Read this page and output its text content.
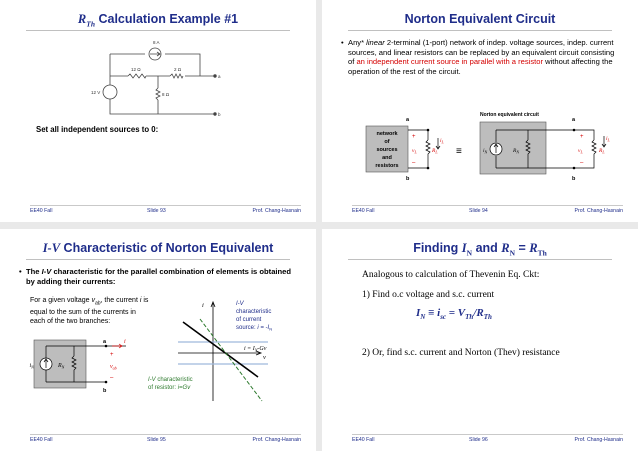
$R_{Th}$ Calculation Example #1
8 A
12 Ω	2 Ω
8 Ω
12 V
a
b
Set all independent sources to 0:
EE40 Fall	Slide 93	Prof. Chang-Hasnain
Norton Equivalent Circuit
• Any* linear 2-terminal (1-port) network of indep. voltage sources, indep. current sources, and linear resistors can be replaced by an equivalent circuit consisting of an independent current source in parallel with a resistor without affecting the operation of the rest of the circuit.
network
of
sources
and
resistors
a
b
+
–
$i_L$
$v_L$	$R_L$ ≡
Norton equivalent circuit
$i_N$	$R_N$
a
b
+
–
$i_L$
$v_L$	$R_L$
EE40 Fall	Slide 94	Prof. Chang-Hasnain
I-V Characteristic of Norton Equivalent
• The I-V characteristic for the parallel combination of elements is obtained by adding their currents:
For a given voltage $v_{ab}$, the current i is
equal to the sum of the currents in
each of the two branches:
$i_N$	$R_N$
i
$v_{ab}$
a
b
+
–
i
v
$i = I_N-Gv$
I-V
characteristic
of current
source: $i = -I_N$
I-V characteristic
of resistor: i=Gv
EE40 Fall	Slide 95	Prof. Chang-Hasnain
Finding $I_N$ and $R_N = R_{Th}$
Analogous to calculation of Thevenin Eq. Ckt:
1) Find o.c voltage and s.c. current
$I_N \equiv i_{sc} = V_{Th}/R_{Th}$
2) Or, find s.c. current and Norton (Thev) resistance
EE40 Fall	Slide 96	Prof. Chang-Hasnain
